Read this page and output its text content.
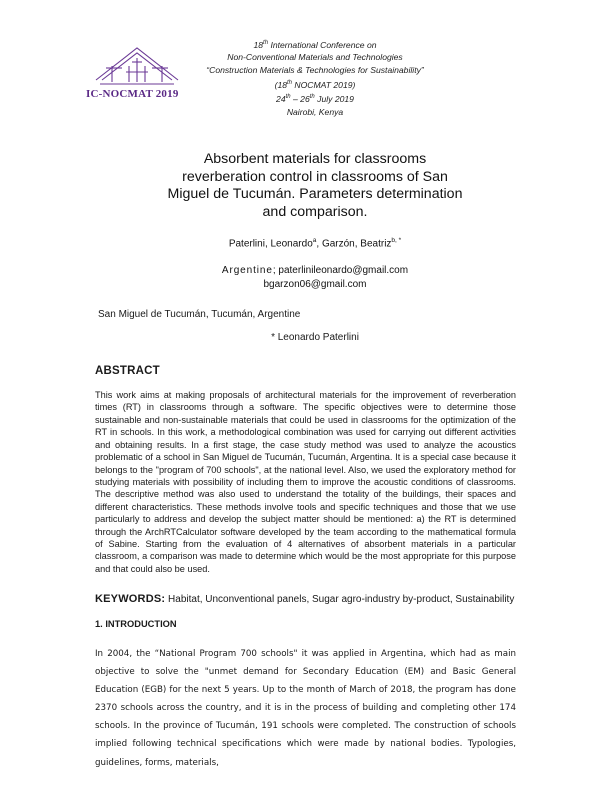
IC-NOCMAT 2019
18th International Conference on
Non-Conventional Materials and Technologies
“Construction Materials & Technologies for Sustainability”
(18th NOCMAT 2019)
24th – 26th July 2019
Nairobi, Kenya
Absorbent materials for classrooms
reverberation control in classrooms of San
Miguel de Tucumán. Parameters determination
and comparison.
Paterlini, Leonardo$^a$, Garzón, Beatriz$^{b, *}$
Argentine; paterlinileonardo@gmail.com
bgarzon06@gmail.com
San Miguel de Tucumán, Tucumán, Argentine
* Leonardo Paterlini
ABSTRACT
This work aims at making proposals of architectural materials for the improvement of reverberation times (RT) in classrooms through a software. The specific objectives were to determine those sustainable and non-sustainable materials that could be used in classrooms for the optimization of the RT in schools. In this work, a methodological combination was used for carrying out different activities and obtaining results. In a first stage, the case study method was used to analyze the acoustics problematic of a school in San Miguel de Tucumán, Tucumán, Argentina. It is a special case because it belongs to the "program of 700 schools", at the national level. Also, we used the exploratory method for studying materials with possibility of including them to improve the acoustic conditions of classrooms. The descriptive method was also used to understand the totality of the buildings, their spaces and different characteristics. These methods involve tools and specific techniques and those that we use particularly to address and develop the subject matter should be mentioned: a) the RT is determined through the ArchRTCalculator software developed by the team according to the mathematical formula of Sabine. Starting from the evaluation of 4 alternatives of absorbent materials in a particular classroom, a comparison was made to determine which would be the most appropriate for this purpose and that could also be used.
KEYWORDS: Habitat, Unconventional panels, Sugar agro-industry by-product, Sustainability
1. INTRODUCTION
In 2004, the “National Program 700 schools" it was applied in Argentina, which had as main objective to solve the "unmet demand for Secondary Education (EM) and Basic General Education (EGB) for the next 5 years. Up to the month of March of 2018, the program has done 2370 schools across the country, and it is in the process of building and completing other 174 schools. In the province of Tucumán, 191 schools were completed. The construction of schools implied following technical specifications which were made by national bodies. Typologies, guidelines, forms, materials,
